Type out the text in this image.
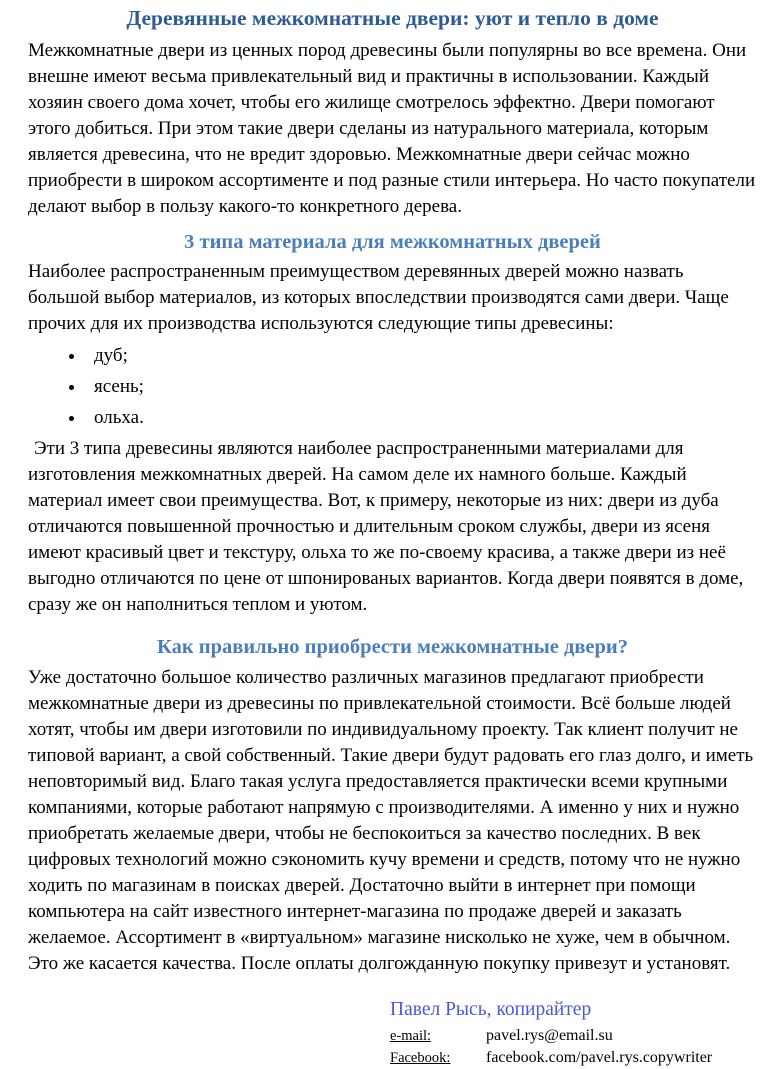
Деревянные межкомнатные двери: уют и тепло в доме

Межкомнатные двери из ценных пород древесины были популярны во все времена. Они внешне имеют весьма привлекательный вид и практичны в использовании. Каждый хозяин своего дома хочет, чтобы его жилище смотрелось эффектно. Двери помогают этого добиться. При этом такие двери сделаны из натурального материала, которым является древесина, что не вредит здоровью. Межкомнатные двери сейчас можно приобрести в широком ассортименте и под разные стили интерьера. Но часто покупатели делают выбор в пользу какого-то конкретного дерева.

3 типа материала для межкомнатных дверей

Наиболее распространенным преимуществом деревянных дверей можно назвать большой выбор материалов, из которых впоследствии производятся сами двери. Чаще прочих для их производства используются следующие типы древесины:

• дуб;
• ясень;
• ольха.

Эти 3 типа древесины являются наиболее распространенными материалами для изготовления межкомнатных дверей. На самом деле их намного больше. Каждый материал имеет свои преимущества. Вот, к примеру, некоторые из них: двери из дуба отличаются повышенной прочностью и длительным сроком службы, двери из ясеня имеют красивый цвет и текстуру, ольха то же по-своему красива, а также двери из неё выгодно отличаются по цене от шпонированых вариантов. Когда двери появятся в доме, сразу же он наполниться теплом и уютом.

Как правильно приобрести межкомнатные двери?

Уже достаточно большое количество различных магазинов предлагают приобрести межкомнатные двери из древесины по привлекательной стоимости. Всё больше людей хотят, чтобы им двери изготовили по индивидуальному проекту. Так клиент получит не типовой вариант, а свой собственный. Такие двери будут радовать его глаз долго, и иметь неповторимый вид. Благо такая услуга предоставляется практически всеми крупными компаниями, которые работают напрямую с производителями. А именно у них и нужно приобретать желаемые двери, чтобы не беспокоиться за качество последних. В век цифровых технологий можно сэкономить кучу времени и средств, потому что не нужно ходить по магазинам в поисках дверей. Достаточно выйти в интернет при помощи компьютера на сайт известного интернет-магазина по продаже дверей и заказать желаемое. Ассортимент в «виртуальном» магазине нисколько не хуже, чем в обычном. Это же касается качества. После оплаты долгожданную покупку привезут и установят.

Павел Рысь, копирайтер
e-mail:	pavel.rys@email.su
Facebook:	facebook.com/pavel.rys.copywriter
